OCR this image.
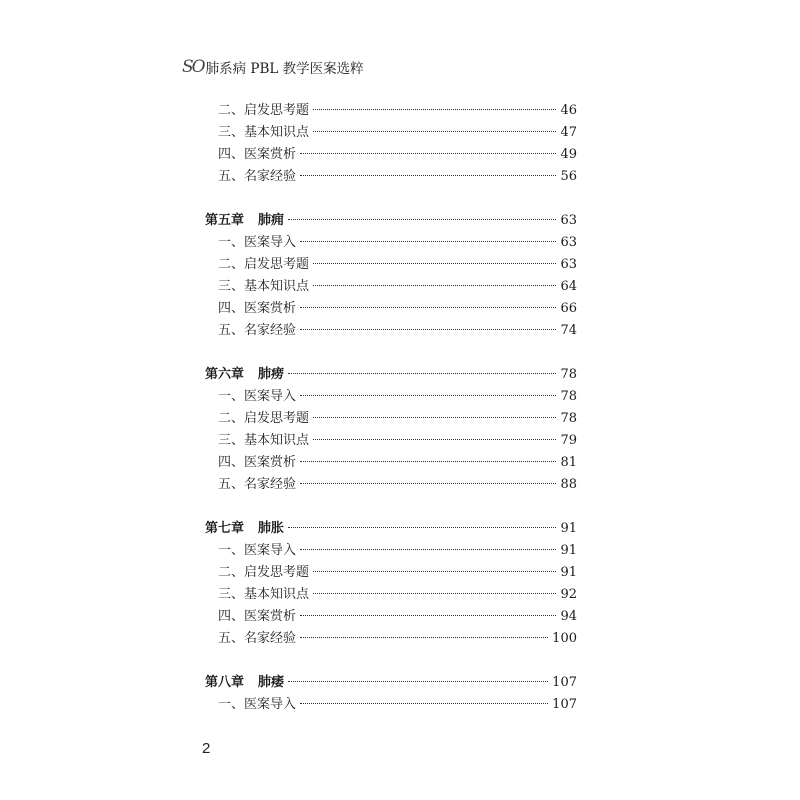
SO 肺系病 PBL 教学医案选粹
二、启发思考题	46
三、基本知识点	47
四、医案赏析	49
五、名家经验	56
第五章 肺痈	63
一、医案导入	63
二、启发思考题	63
三、基本知识点	64
四、医案赏析	66
五、名家经验	74
第六章 肺痨	78
一、医案导入	78
二、启发思考题	78
三、基本知识点	79
四、医案赏析	81
五、名家经验	88
第七章 肺胀	91
一、医案导入	91
二、启发思考题	91
三、基本知识点	92
四、医案赏析	94
五、名家经验	100
第八章 肺痿	107
一、医案导入	107
2
